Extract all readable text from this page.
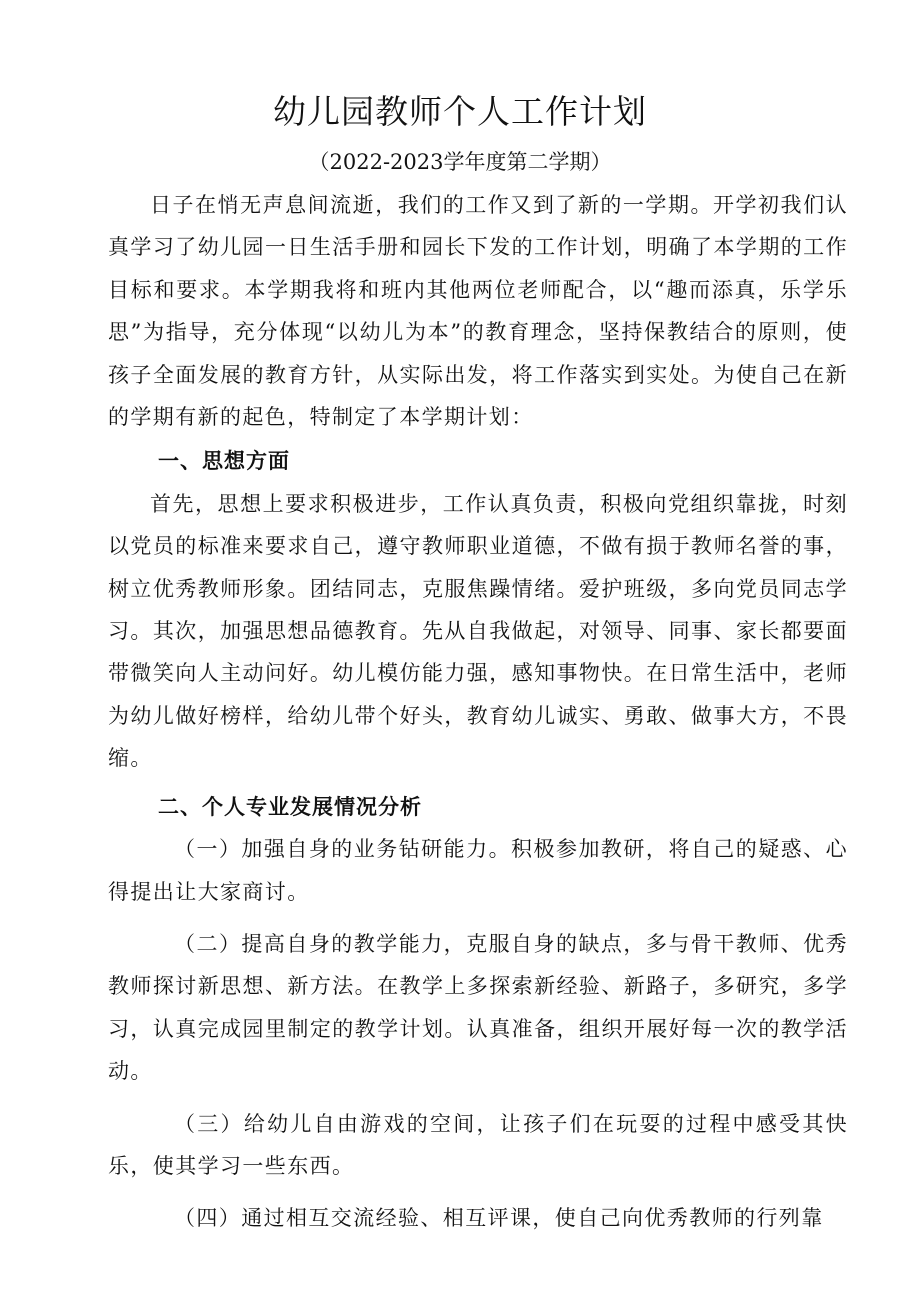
幼儿园教师个人工作计划
（2022-2023学年度第二学期）

日子在悄无声息间流逝，我们的工作又到了新的一学期。开学初我们认真学习了幼儿园一日生活手册和园长下发的工作计划，明确了本学期的工作目标和要求。本学期我将和班内其他两位老师配合，以“趣而添真，乐学乐思”为指导，充分体现“以幼儿为本”的教育理念，坚持保教结合的原则，使孩子全面发展的教育方针，从实际出发，将工作落实到实处。为使自己在新的学期有新的起色，特制定了本学期计划：

一、思想方面

首先，思想上要求积极进步，工作认真负责，积极向党组织靠拢，时刻以党员的标准来要求自己，遵守教师职业道德，不做有损于教师名誉的事，树立优秀教师形象。团结同志，克服焦躁情绪。爱护班级，多向党员同志学习。其次，加强思想品德教育。先从自我做起，对领导、同事、家长都要面带微笑向人主动问好。幼儿模仿能力强，感知事物快。在日常生活中，老师为幼儿做好榜样，给幼儿带个好头，教育幼儿诚实、勇敢、做事大方，不畏缩。

二、个人专业发展情况分析

（一）加强自身的业务钻研能力。积极参加教研，将自己的疑惑、心得提出让大家商讨。

（二）提高自身的教学能力，克服自身的缺点，多与骨干教师、优秀教师探讨新思想、新方法。在教学上多探索新经验、新路子，多研究，多学习，认真完成园里制定的教学计划。认真准备，组织开展好每一次的教学活动。

（三）给幼儿自由游戏的空间，让孩子们在玩耍的过程中感受其快乐，使其学习一些东西。

（四）通过相互交流经验、相互评课，使自己向优秀教师的行列靠
